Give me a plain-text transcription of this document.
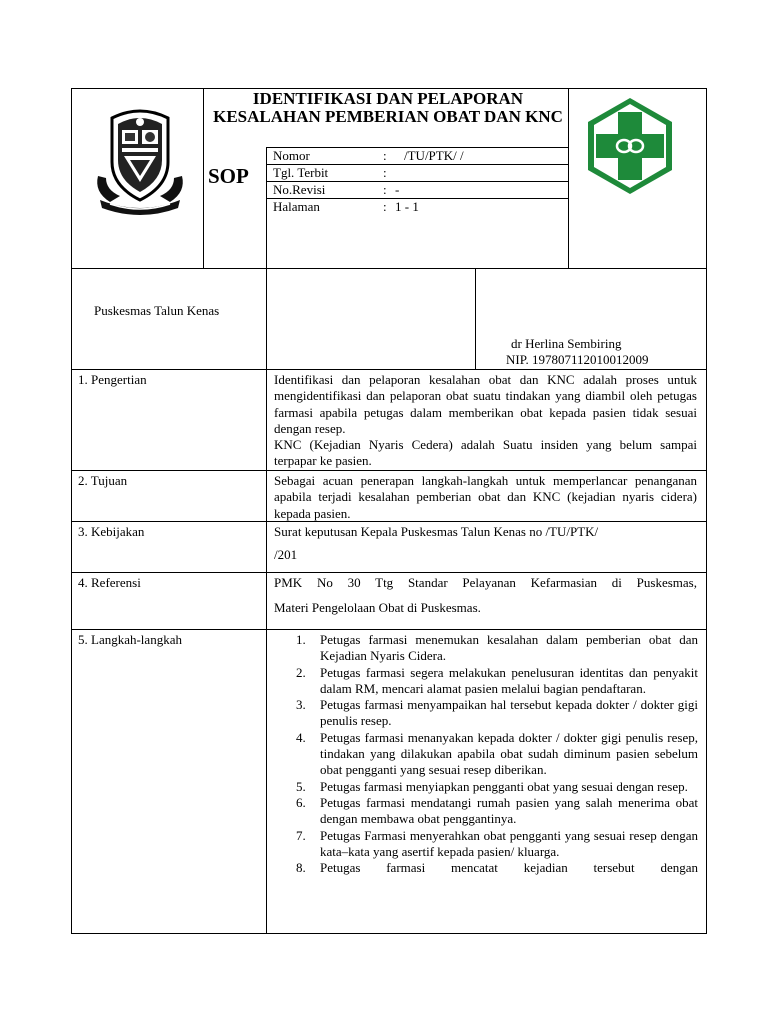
IDENTIFIKASI DAN PELAPORAN KESALAHAN PEMBERIAN OBAT DAN KNC
SOP
Nomor	: /TU/PTK/ /
Tgl. Terbit	:
No.Revisi	: -
Halaman	: 1 - 1
Puskesmas Talun Kenas
dr Herlina Sembiring
NIP. 197807112010012009
1. Pengertian	Identifikasi dan pelaporan kesalahan obat dan KNC adalah proses untuk mengidentifikasi dan pelaporan obat suatu tindakan yang diambil oleh petugas farmasi apabila petugas dalam memberikan obat kepada pasien tidak sesuai dengan resep.

KNC (Kejadian Nyaris Cedera) adalah Suatu insiden yang belum sampai terpapar ke pasien.

2. Tujuan	Sebagai acuan penerapan langkah-langkah untuk memperlancar penanganan apabila terjadi kesalahan pemberian obat dan KNC (kejadian nyaris cidera) kepada pasien.
3. Kebijakan	Surat keputusan Kepala Puskesmas Talun Kenas no /TU/PTK/
/201
4. Referensi	PMK No 30 Ttg Standar Pelayanan Kefarmasian di Puskesmas,

Materi Pengelolaan Obat di Puskesmas.
5. Langkah-langkah	1. Petugas farmasi menemukan kesalahan dalam pemberian obat dan Kejadian Nyaris Cidera.
2. Petugas farmasi segera melakukan penelusuran identitas dan penyakit dalam RM, mencari alamat pasien melalui bagian pendaftaran.
3. Petugas farmasi menyampaikan hal tersebut kepada dokter / dokter gigi penulis resep.
4. Petugas farmasi menanyakan kepada dokter / dokter gigi penulis resep, tindakan yang dilakukan apabila obat sudah diminum pasien sebelum obat pengganti yang sesuai resep diberikan.
5. Petugas farmasi menyiapkan pengganti obat yang sesuai dengan resep.
6. Petugas farmasi mendatangi rumah pasien yang salah menerima obat dengan membawa obat penggantinya.
7. Petugas Farmasi menyerahkan obat pengganti yang sesuai resep dengan kata–kata yang asertif kepada pasien/ kluarga.
8. Petugas farmasi mencatat kejadian tersebut dengan
